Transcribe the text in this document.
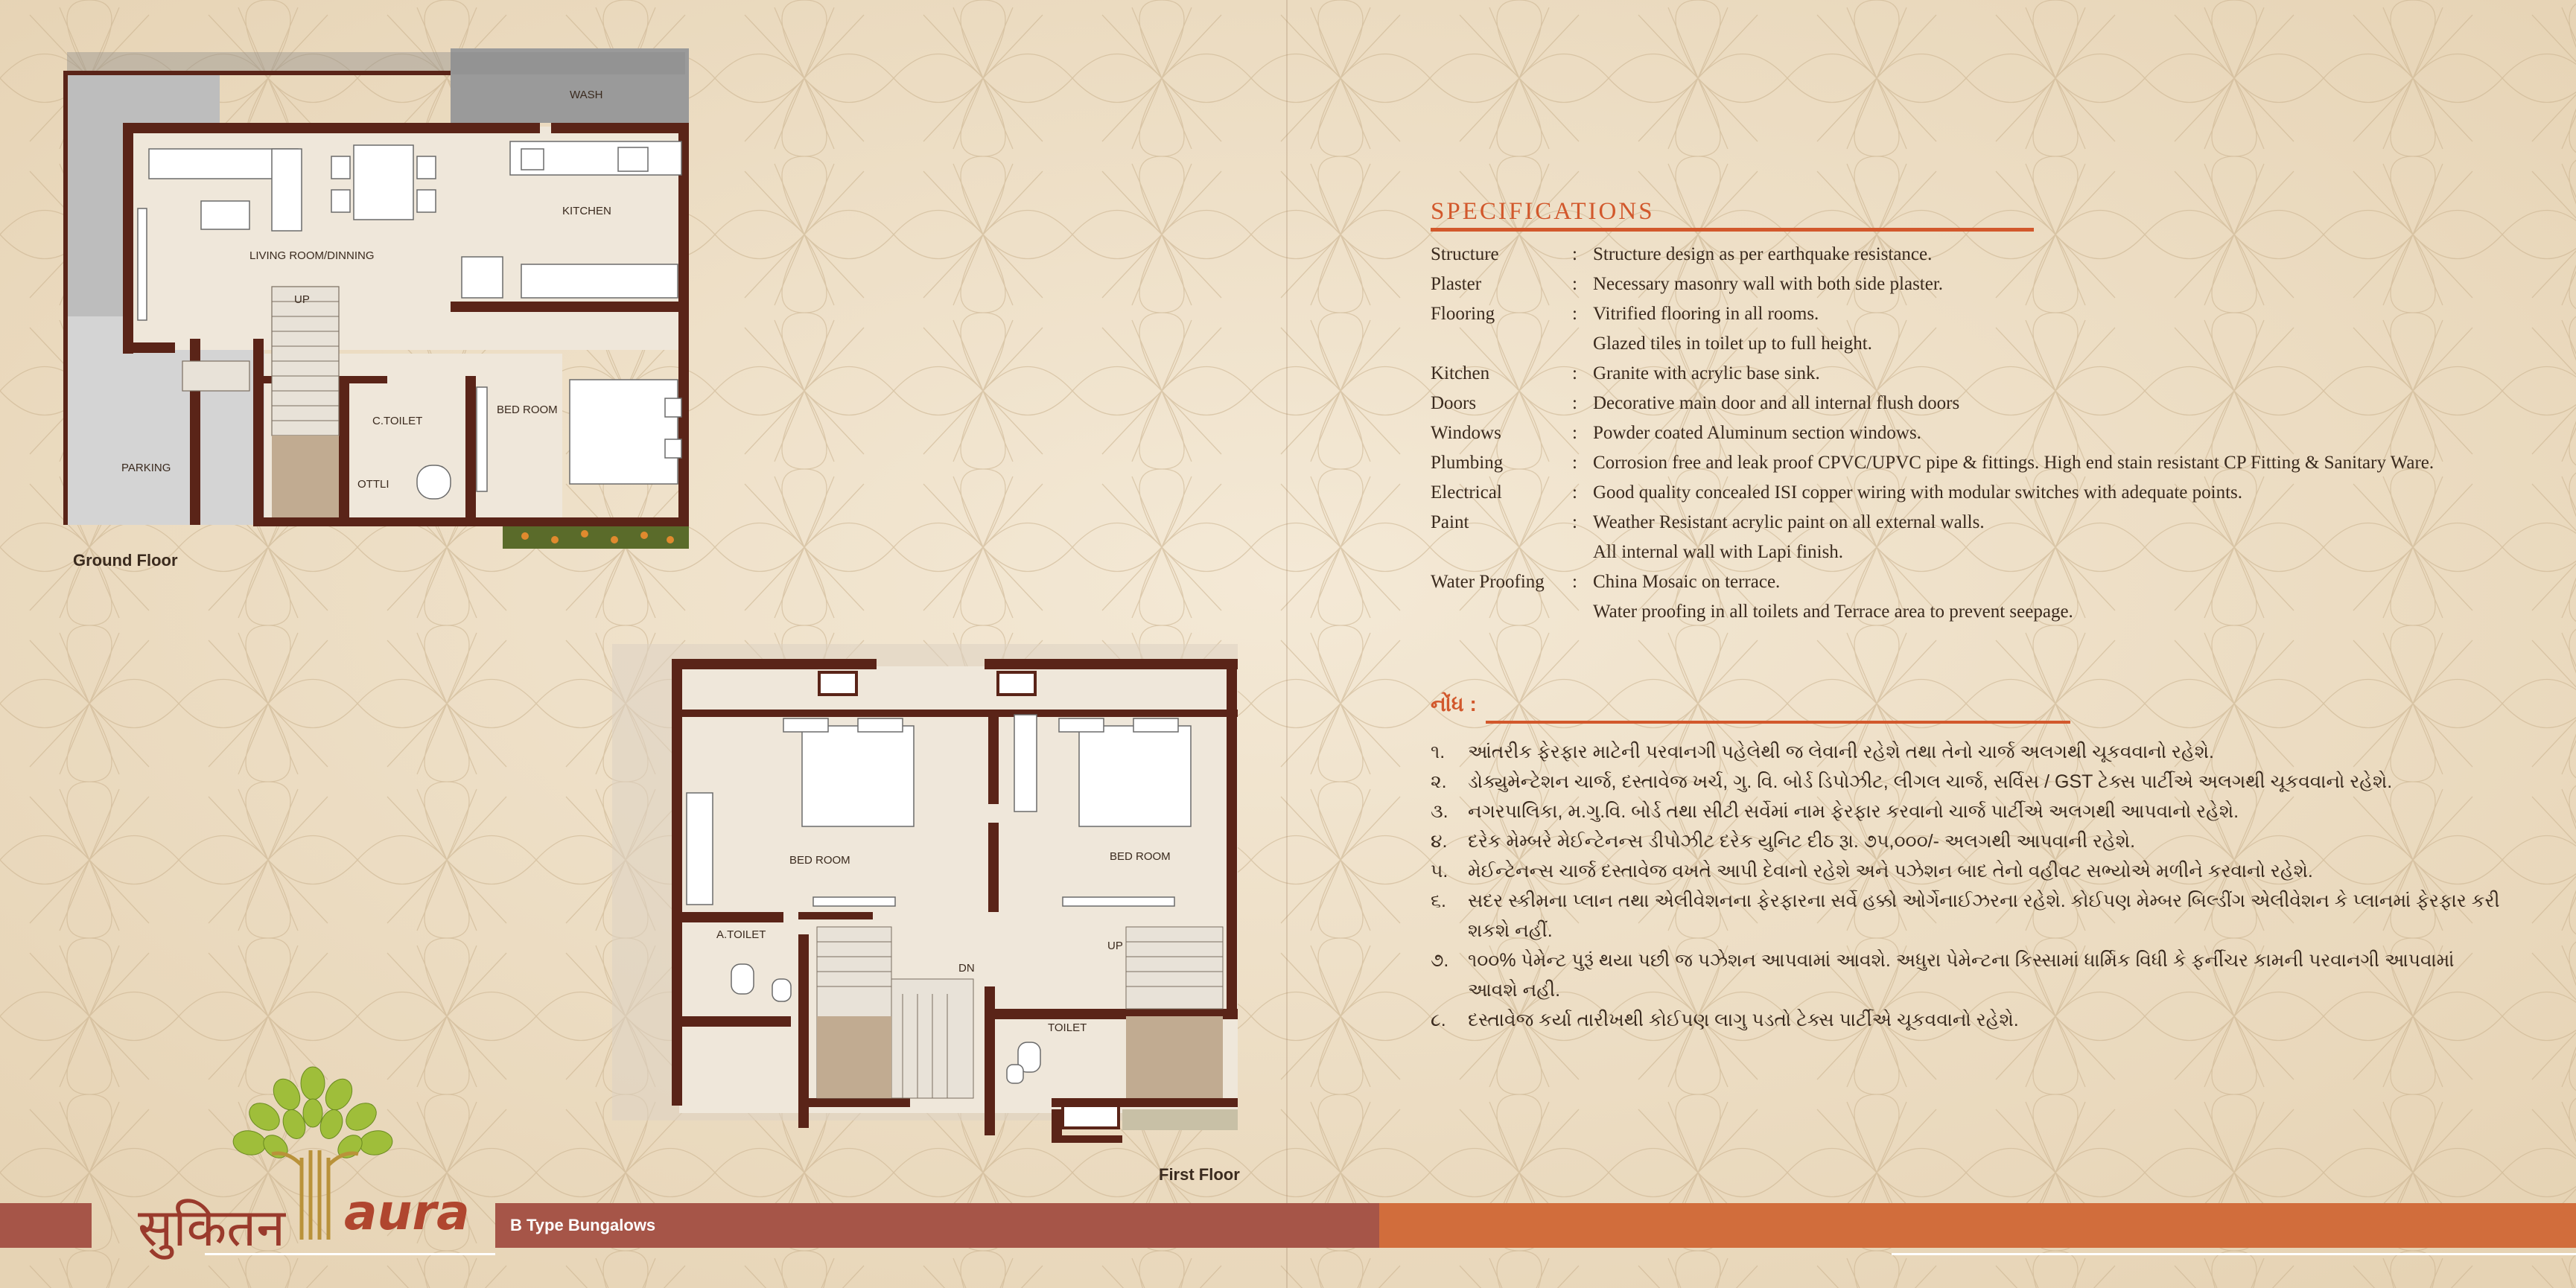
WASH
KITCHEN
LIVING ROOM/DINNING
UP
C.TOILET
BED ROOM
PARKING
OTTLI
Ground Floor
BED ROOM	BED ROOM
A.TOILET
DN
UP
TOILET
First Floor
SPECIFICATIONS
Structure	: Structure design as per earthquake resistance.
Plaster	: Necessary masonry wall with both side plaster.
Flooring	: Vitrified flooring in all rooms.
Glazed tiles in toilet up to full height.
Kitchen	: Granite with acrylic base sink.
Doors	: Decorative main door and all internal flush doors
Windows	: Powder coated Aluminum section windows.
Plumbing	: Corrosion free and leak proof CPVC/UPVC pipe & fittings. High end stain resistant CP Fitting & Sanitary Ware.
Electrical	: Good quality concealed ISI copper wiring with modular switches with adequate points.
Paint	: Weather Resistant acrylic paint on all external walls.
All internal wall with Lapi finish.
Water Proofing	: China Mosaic on terrace.
Water proofing in all toilets and Terrace area to prevent seepage.
નોંધ :
૧.	આંતરીક ફેરફાર માટેની પરવાનગી પહેલેથી જ લેવાની રહેશે તથા તેનો ચાર્જ અલગથી ચૂકવવાનો રહેશે.
૨.	ડોક્યુમેન્ટેશન ચાર્જ, દસ્તાવેજ ખર્ચ, ગુ. વિ. બોર્ડ ડિપોઝીટ, લીગલ ચાર્જ, સર્વિસ / GST ટેક્સ પાર્ટીએ અલગથી ચૂકવવાનો રહેશે.
૩.	નગરપાલિકા, મ.ગુ.વિ. બોર્ડ તથા સીટી સર્વેમાં નામ ફેરફાર કરવાનો ચાર્જ પાર્ટીએ અલગથી આપવાનો રહેશે.
૪.	દરેક મેમ્બરે મેઈન્ટેનન્સ ડીપોઝીટ દરેક યુનિટ દીઠ રૂા. ૭૫,૦૦૦/- અલગથી આપવાની રહેશે.
૫.	મેઈન્ટેનન્સ ચાર્જ દસ્તાવેજ વખતે આપી દેવાનો રહેશે અને પઝેશન બાદ તેનો વહીવટ સભ્યોએ મળીને કરવાનો રહેશે.
૬.	સદર સ્કીમના પ્લાન તથા એલીવેશનના ફેરફારના સર્વે હક્કો ઓર્ગેનાઈઝરના રહેશે. કોઈપણ મેમ્બર બિલ્ડીંગ એલીવેશન કે પ્લાનમાં ફેરફાર કરી શકશે નહીં.
૭.	૧૦૦% પેમેન્ટ પુરૂં થયા પછી જ પઝેશન આપવામાં આવશે. અધુરા પેમેન્ટના કિસ્સામાં ધાર્મિક વિધી કે ફર્નીચર કામની પરવાનગી આપવામાં આવશે નહી.
૮.	દસ્તાવેજ કર્યા તારીખથી કોઈપણ લાગુ પડતો ટેક્સ પાર્ટીએ ચૂકવવાનો રહેશે.
B Type Bungalows
सुकितन aura
